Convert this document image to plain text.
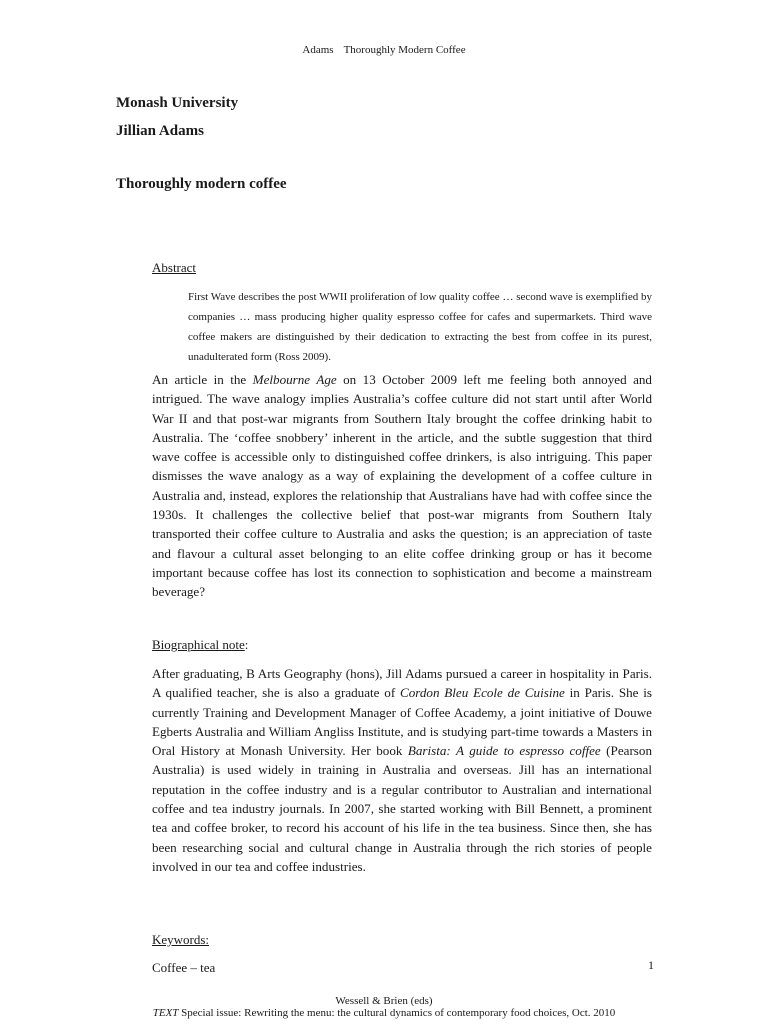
Adams Thoroughly Modern Coffee
Monash University
Jillian Adams
Thoroughly modern coffee
Abstract
First Wave describes the post WWII proliferation of low quality coffee … second wave is exemplified by companies … mass producing higher quality espresso coffee for cafes and supermarkets. Third wave coffee makers are distinguished by their dedication to extracting the best from coffee in its purest, unadulterated form (Ross 2009).
An article in the Melbourne Age on 13 October 2009 left me feeling both annoyed and intrigued. The wave analogy implies Australia’s coffee culture did not start until after World War II and that post-war migrants from Southern Italy brought the coffee drinking habit to Australia. The ‘coffee snobbery’ inherent in the article, and the subtle suggestion that third wave coffee is accessible only to distinguished coffee drinkers, is also intriguing. This paper dismisses the wave analogy as a way of explaining the development of a coffee culture in Australia and, instead, explores the relationship that Australians have had with coffee since the 1930s. It challenges the collective belief that post-war migrants from Southern Italy transported their coffee culture to Australia and asks the question; is an appreciation of taste and flavour a cultural asset belonging to an elite coffee drinking group or has it become important because coffee has lost its connection to sophistication and become a mainstream beverage?
Biographical note:
After graduating, B Arts Geography (hons), Jill Adams pursued a career in hospitality in Paris. A qualified teacher, she is also a graduate of Cordon Bleu Ecole de Cuisine in Paris. She is currently Training and Development Manager of Coffee Academy, a joint initiative of Douwe Egberts Australia and William Angliss Institute, and is studying part-time towards a Masters in Oral History at Monash University. Her book Barista: A guide to espresso coffee (Pearson Australia) is used widely in training in Australia and overseas. Jill has an international reputation in the coffee industry and is a regular contributor to Australian and international coffee and tea industry journals. In 2007, she started working with Bill Bennett, a prominent tea and coffee broker, to record his account of his life in the tea business. Since then, she has been researching social and cultural change in Australia through the rich stories of people involved in our tea and coffee industries.
Keywords:
Coffee – tea	1
Wessell & Brien (eds)
TEXT Special issue: Rewriting the menu: the cultural dynamics of contemporary food choices, Oct. 2010
